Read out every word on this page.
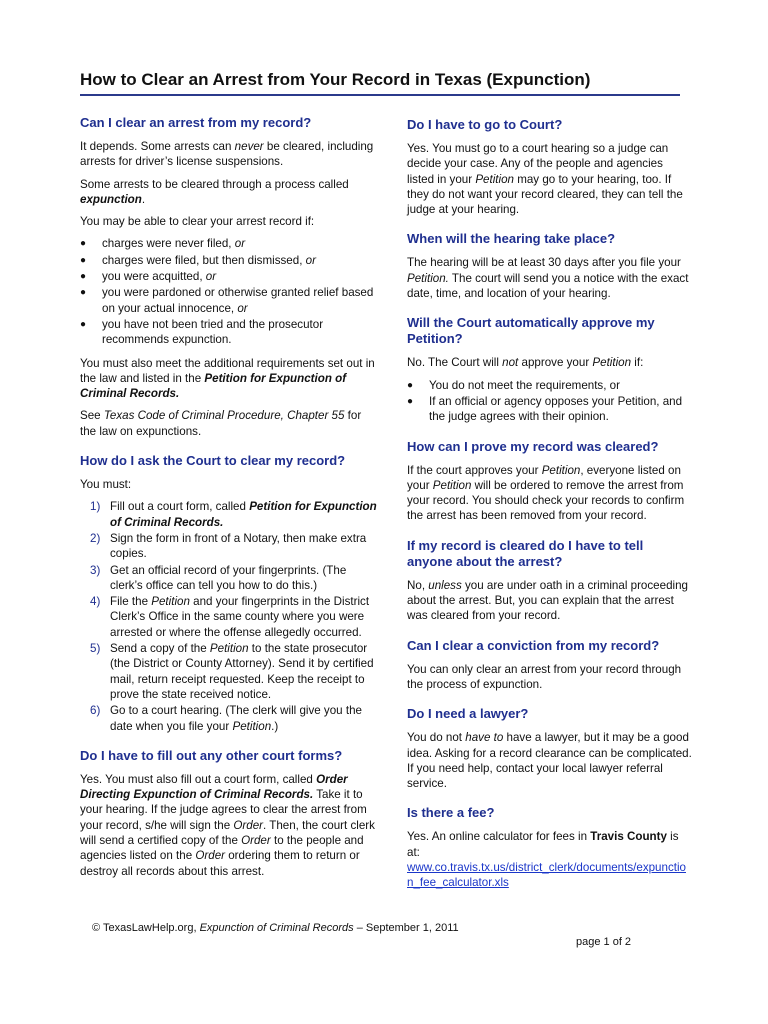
How to Clear an Arrest from Your Record in Texas (Expunction)
Can I clear an arrest from my record?

It depends. Some arrests can never be cleared, including arrests for driver’s license suspensions.

Some arrests to be cleared through a process called expunction.

You may be able to clear your arrest record if:

● charges were never filed, or
● charges were filed, but then dismissed, or
● you were acquitted, or
● you were pardoned or otherwise granted relief based on your actual innocence, or
● you have not been tried and the prosecutor recommends expunction.

You must also meet the additional requirements set out in the law and listed in the Petition for Expunction of Criminal Records.

See Texas Code of Criminal Procedure, Chapter 55 for the law on expunctions.

How do I ask the Court to clear my record?

You must:

1) Fill out a court form, called Petition for Expunction of Criminal Records.
2) Sign the form in front of a Notary, then make extra copies.
3) Get an official record of your fingerprints. (The clerk’s office can tell you how to do this.)
4) File the Petition and your fingerprints in the District Clerk’s Office in the same county where you were arrested or where the offense allegedly occurred.
5) Send a copy of the Petition to the state prosecutor (the District or County Attorney). Send it by certified mail, return receipt requested. Keep the receipt to prove the state received notice.
6) Go to a court hearing. (The clerk will give you the date when you file your Petition.)
Do I have to fill out any other court forms?

Yes. You must also fill out a court form, called Order Directing Expunction of Criminal Records. Take it to your hearing. If the judge agrees to clear the arrest from your record, s/he will sign the Order. Then, the court clerk will send a certified copy of the Order to the people and agencies listed on the Order ordering them to return or destroy all records about this arrest.

Do I have to go to Court?

Yes. You must go to a court hearing so a judge can decide your case. Any of the people and agencies listed in your Petition may go to your hearing, too. If they do not want your record cleared, they can tell the judge at your hearing.

When will the hearing take place?

The hearing will be at least 30 days after you file your Petition. The court will send you a notice with the exact date, time, and location of your hearing.

Will the Court automatically approve my Petition?

No. The Court will not approve your Petition if:

● You do not meet the requirements, or
● If an official or agency opposes your Petition, and the judge agrees with their opinion.
How can I prove my record was cleared?

If the court approves your Petition, everyone listed on your Petition will be ordered to remove the arrest from your record. You should check your records to confirm the arrest has been removed from your record.

If my record is cleared do I have to tell anyone about the arrest?

No, unless you are under oath in a criminal proceeding about the arrest. But, you can explain that the arrest was cleared from your record.

Can I clear a conviction from my record?

You can only clear an arrest from your record through the process of expunction.

Do I need a lawyer?

You do not have to have a lawyer, but it may be a good idea. Asking for a record clearance can be complicated. If you need help, contact your local lawyer referral service.

Is there a fee?

Yes. An online calculator for fees in Travis County is at:
www.co.travis.tx.us/district_clerk/documents/expunction_fee_calculator.xls

© TexasLawHelp.org, Expunction of Criminal Records – September 1, 2011
page 1 of 2
